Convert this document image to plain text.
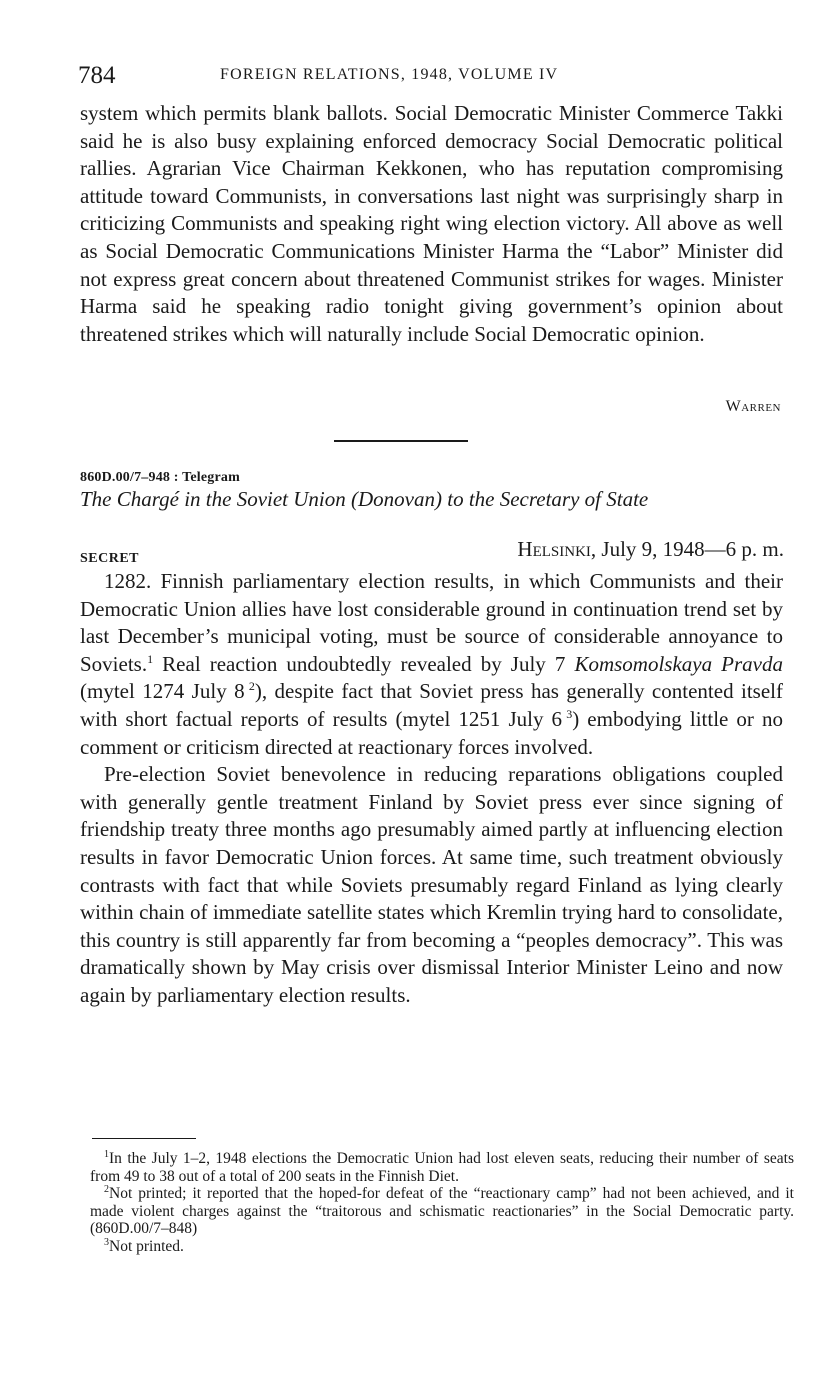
784	FOREIGN RELATIONS, 1948, VOLUME IV

system which permits blank ballots. Social Democratic Minister Commerce Takki said he is also busy explaining enforced democracy Social Democratic political rallies. Agrarian Vice Chairman Kekkonen, who has reputation compromising attitude toward Communists, in conversations last night was surprisingly sharp in criticizing Communists and speaking right wing election victory. All above as well as Social Democratic Communications Minister Harma the “Labor” Minister did not express great concern about threatened Communist strikes for wages. Minister Harma said he speaking radio tonight giving government’s opinion about threatened strikes which will naturally include Social Democratic opinion.

Warren
860D.00/7–948 : Telegram
The Chargé in the Soviet Union (Donovan) to the Secretary of State
SECRET	Helsinki, July 9, 1948—6 p. m.

1282. Finnish parliamentary election results, in which Communists and their Democratic Union allies have lost considerable ground in continuation trend set by last December’s municipal voting, must be source of considerable annoyance to Soviets.$^1$ Real reaction undoubtedly revealed by July 7 Komsomolskaya Pravda (mytel 1274 July 8  $^2$), despite fact that Soviet press has generally contented itself with short factual reports of results (mytel 1251 July 6  $^3$) embodying little or no comment or criticism directed at reactionary forces involved.

Pre-election Soviet benevolence in reducing reparations obligations coupled with generally gentle treatment Finland by Soviet press ever since signing of friendship treaty three months ago presumably aimed partly at influencing election results in favor Democratic Union forces. At same time, such treatment obviously contrasts with fact that while Soviets presumably regard Finland as lying clearly within chain of immediate satellite states which Kremlin trying hard to consolidate, this country is still apparently far from becoming a “peoples democracy”. This was dramatically shown by May crisis over dismissal Interior Minister Leino and now again by parliamentary election results.

$^1$In the July 1–2, 1948 elections the Democratic Union had lost eleven seats, reducing their number of seats from 49 to 38 out of a total of 200 seats in the Finnish Diet.

$^2$Not printed; it reported that the hoped-for defeat of the “reactionary camp” had not been achieved, and it made violent charges against the “traitorous and schismatic reactionaries” in the Social Democratic party. (860D.00/7–848)

$^3$Not printed.
